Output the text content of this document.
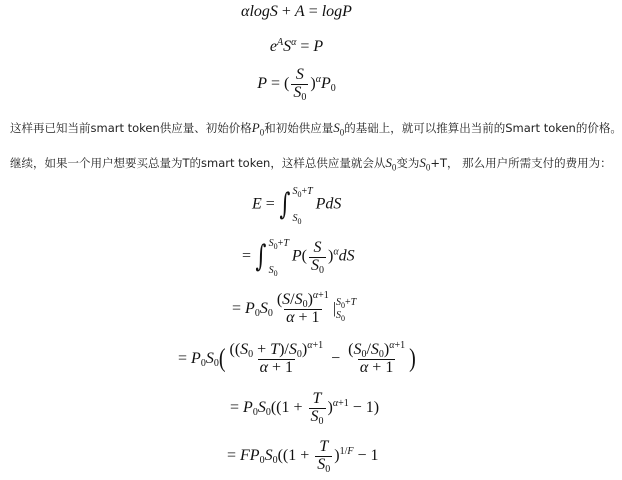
αlogS + A = logP
$e^AS^\alpha = P$
P = ( $\frac{S}{S_0} )^\alpha P_0$
这样再已知当前smart token供应量、初始价格$P_0$和初始供应量$S_0$的基础上，就可以推算出当前的Smart token的价格。
继续，如果一个用户想要买总量为T的smart token，这样总供应量就会从$S_0$变为$S_0+T$， 那么用户所需支付的费用为：
E = ∫ $S_0+T$
$S_0$
PdS
= ∫ $S_0+T$
$S_0$
$P( \frac{S}{S_0} )^\alpha dS$
= $P_0S_0 \frac{(S/S_0)^{\alpha+1}}{\alpha + 1}$ | $S_0+T$
$S_0$
= $P_0S_0( \frac{((S_0 + T)/S_0)^{\alpha+1}}{\alpha + 1} - \frac{(S_0/S_0)^{\alpha+1}}{\alpha + 1}$ )
= $P_0S_0((1 + \frac{T}{S_0} )^{\alpha+1} - 1)$
= $FP_0S_0((1 + \frac{T}{S_0} )^{1/F} - 1$
